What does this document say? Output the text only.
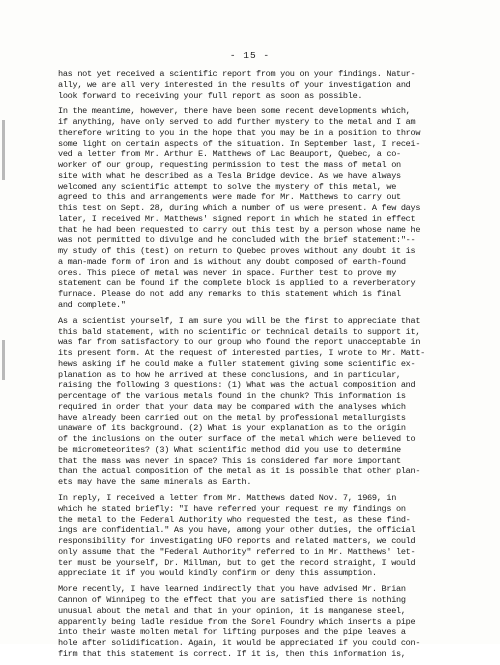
- 15 -
has not yet received a scientific report from you on your findings. Natur-
ally, we are all very interested in the results of your investigation and
look forward to receiving your full report as soon as possible.
In the meantime, however, there have been some recent developments which,
if anything, have only served to add further mystery to the metal and I am
therefore writing to you in the hope that you may be in a position to throw
some light on certain aspects of the situation. In September last, I recei-
ved a letter from Mr. Arthur E. Matthews of Lac Beauport, Quebec, a co-
worker of our group, requesting permission to test the mass of metal on
site with what he described as a Tesla Bridge device. As we have always
welcomed any scientific attempt to solve the mystery of this metal, we
agreed to this and arrangements were made for Mr. Matthews to carry out
this test on Sept. 28, during which a number of us were present. A few days
later, I received Mr. Matthews' signed report in which he stated in effect
that he had been requested to carry out this test by a person whose name he
was not permitted to divulge and he concluded with the brief statement:"--
my study of this (test) on return to Quebec proves without any doubt it is
a man-made form of iron and is without any doubt composed of earth-found
ores. This piece of metal was never in space. Further test to prove my
statement can be found if the complete block is applied to a reverberatory
furnace. Please do not add any remarks to this statement which is final
and complete."
As a scientist yourself, I am sure you will be the first to appreciate that
this bald statement, with no scientific or technical details to support it,
was far from satisfactory to our group who found the report unacceptable in
its present form. At the request of interested parties, I wrote to Mr. Matt-
hews asking if he could make a fuller statement giving some scientific ex-
planation as to how he arrived at these conclusions, and in particular,
raising the following 3 questions: (1) What was the actual composition and
percentage of the various metals found in the chunk? This information is
required in order that your data may be compared with the analyses which
have already been carried out on the metal by professional metallurgists
unaware of its background. (2) What is your explanation as to the origin
of the inclusions on the outer surface of the metal which were believed to
be micrometeorites? (3) What scientific method did you use to determine
that the mass was never in space? This is considered far more important
than the actual composition of the metal as it is possible that other plan-
ets may have the same minerals as Earth.
In reply, I received a letter from Mr. Matthews dated Nov. 7, 1969, in
which he stated briefly: "I have referred your request re my findings on
the metal to the Federal Authority who requested the test, as these find-
ings are confidential." As you have, among your other duties, the official
responsibility for investigating UFO reports and related matters, we could
only assume that the "Federal Authority" referred to in Mr. Matthews' let-
ter must be yourself, Dr. Millman, but to get the record straight, I would
appreciate it if you would kindly confirm or deny this assumption.
More recently, I have learned indirectly that you have advised Mr. Brian
Cannon of Winnipeg to the effect that you are satisfied there is nothing
unusual about the metal and that in your opinion, it is manganese steel,
apparently being ladle residue from the Sorel Foundry which inserts a pipe
into their waste molten metal for lifting purposes and the pipe leaves a
hole after solidification. Again, it would be appreciated if you could con-
firm that this statement is correct. If it is, then this information is,
